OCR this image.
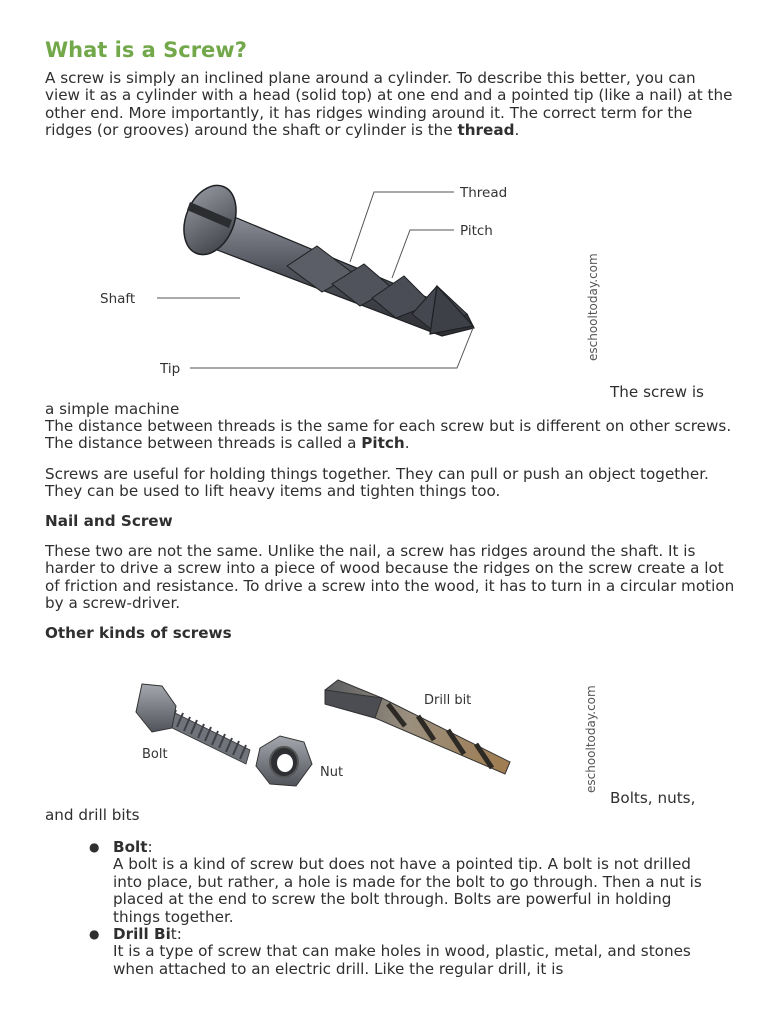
What is a Screw?

A screw is simply an inclined plane around a cylinder. To describe this better, you can view it as a cylinder with a head (solid top) at one end and a pointed tip (like a nail) at the other end. More importantly, it has ridges winding around it. The correct term for the ridges (or grooves) around the shaft or cylinder is the thread.

Thread
Pitch
Shaft
Tip
eschooltoday.com

The screw is

a simple machine

The distance between threads is the same for each screw but is different on other screws. The distance between threads is called a Pitch.

Screws are useful for holding things together. They can pull or push an object together. They can be used to lift heavy items and tighten things too.

Nail and Screw

These two are not the same. Unlike the nail, a screw has ridges around the shaft. It is harder to drive a screw into a piece of wood because the ridges on the screw create a lot of friction and resistance. To drive a screw into the wood, it has to turn in a circular motion by a screw-driver.

Other kinds of screws
Drill bit
Bolt
Nut	eschooltoday.com

Bolts, nuts,

and drill bits

● Bolt:
A bolt is a kind of screw but does not have a pointed tip. A bolt is not drilled into place, but rather, a hole is made for the bolt to go through. Then a nut is placed at the end to screw the bolt through. Bolts are powerful in holding things together.
● Drill Bit:
It is a type of screw that can make holes in wood, plastic, metal, and stones when attached to an electric drill. Like the regular drill, it is
